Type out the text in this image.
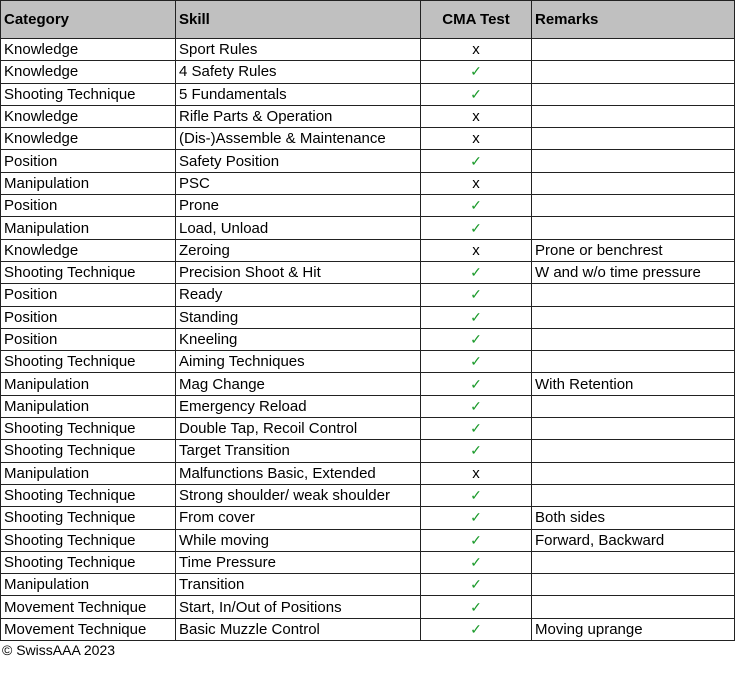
Category	Skill	CMA Test	Remarks
Knowledge	Sport Rules	x	
Knowledge	4 Safety Rules	✓	
Shooting Technique	5 Fundamentals	✓	
Knowledge	Rifle Parts & Operation	x	
Knowledge	(Dis-)Assemble & Maintenance	x	
Position	Safety Position	✓	
Manipulation	PSC	x	
Position	Prone	✓	
Manipulation	Load, Unload	✓	
Knowledge	Zeroing	x	Prone or benchrest
Shooting Technique	Precision Shoot & Hit	✓	W and w/o time pressure
Position	Ready	✓	
Position	Standing	✓	
Position	Kneeling	✓	
Shooting Technique	Aiming Techniques	✓	
Manipulation	Mag Change	✓	With Retention
Manipulation	Emergency Reload	✓	
Shooting Technique	Double Tap, Recoil Control	✓	
Shooting Technique	Target Transition	✓	
Manipulation	Malfunctions Basic, Extended	x	
Shooting Technique	Strong shoulder/ weak shoulder	✓	
Shooting Technique	From cover	✓	Both sides
Shooting Technique	While moving	✓	Forward, Backward
Shooting Technique	Time Pressure	✓	
Manipulation	Transition	✓	
Movement Technique	Start, In/Out of Positions	✓	
Movement Technique	Basic Muzzle Control	✓	Moving uprange
© SwissAAA 2023
